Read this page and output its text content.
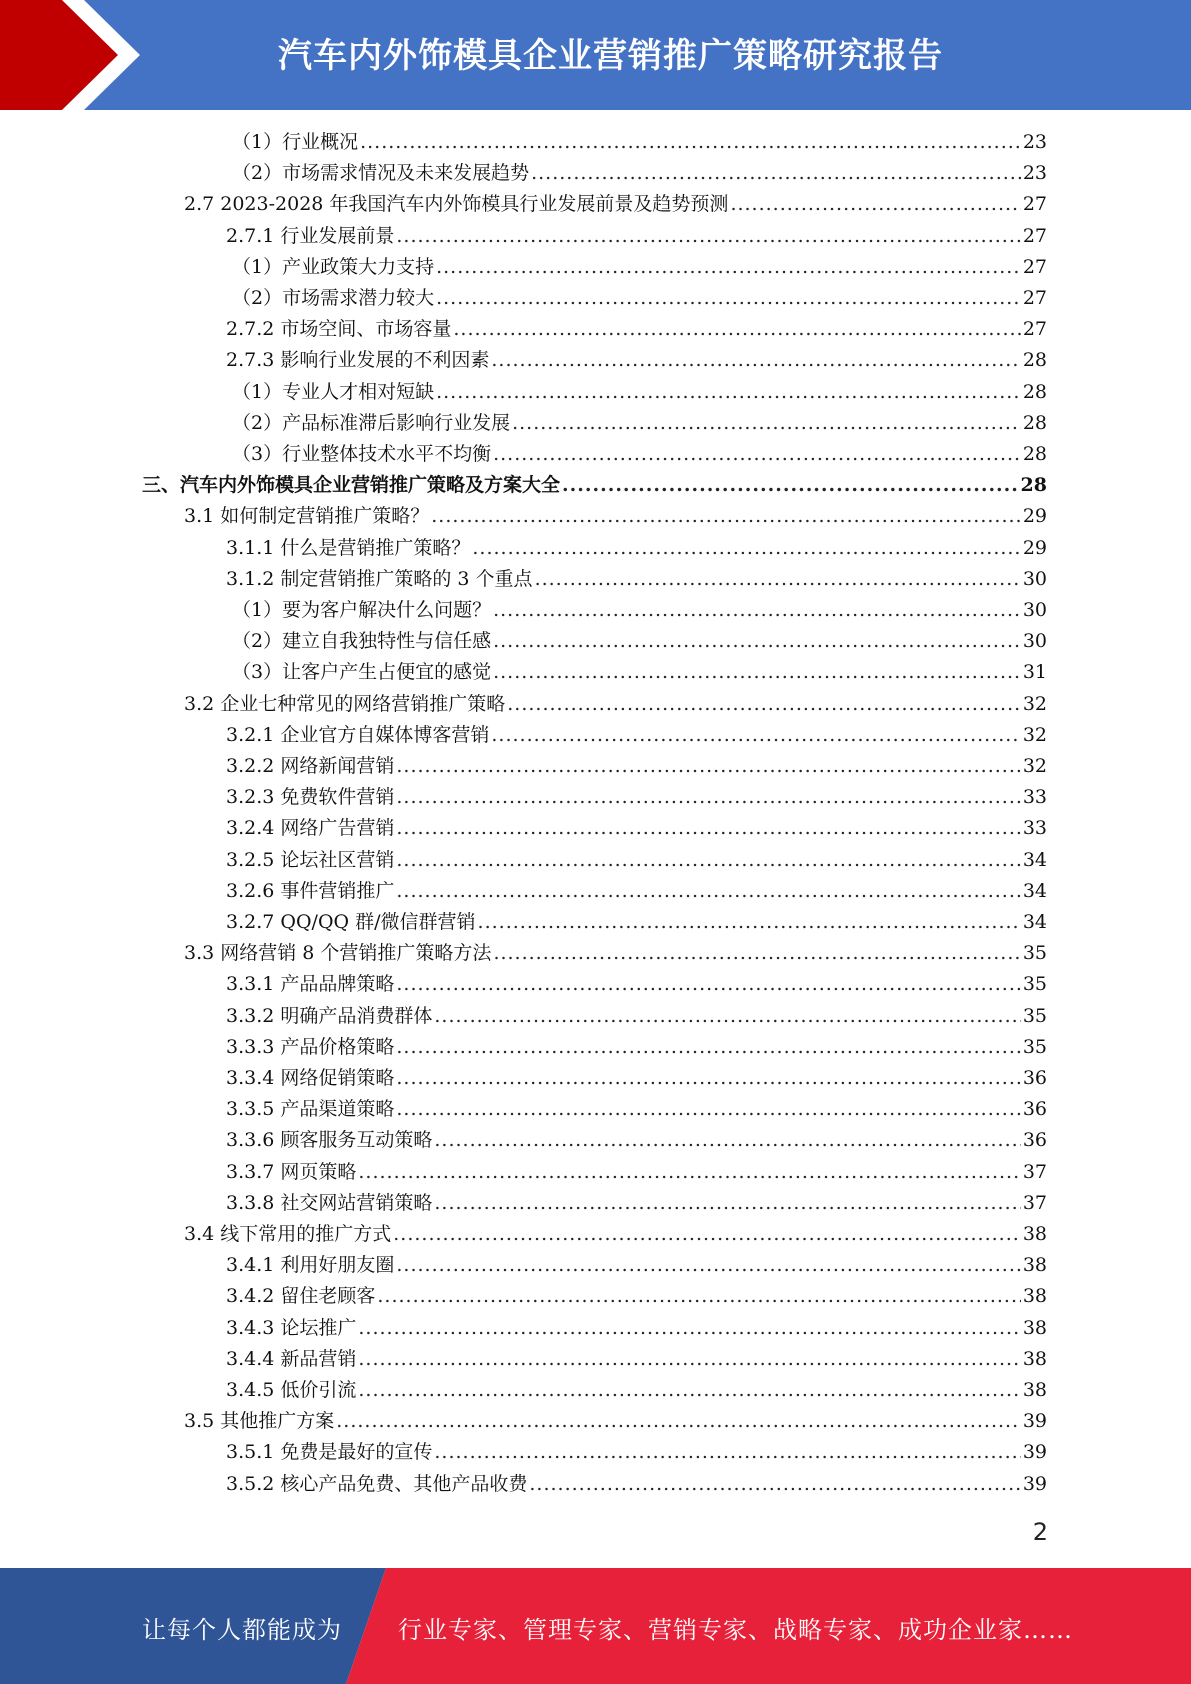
汽车内外饰模具企业营销推广策略研究报告
（1）行业概况 .....	23
（2）市场需求情况及未来发展趋势 .....	23
2.7 2023-2028 年我国汽车内外饰模具行业发展前景及趋势预测 .....	27
2.7.1 行业发展前景 .....	27
（1）产业政策大力支持 .....	27
（2）市场需求潜力较大 .....	27
2.7.2 市场空间、市场容量 .....	27
2.7.3 影响行业发展的不利因素 .....	28
（1）专业人才相对短缺 .....	28
（2）产品标准滞后影响行业发展 .....	28
（3）行业整体技术水平不均衡 .....	28
三、汽车内外饰模具企业营销推广策略及方案大全 .....	28
3.1 如何制定营销推广策略？ .....	29
3.1.1 什么是营销推广策略？ .....	29
3.1.2 制定营销推广策略的 3 个重点 .....	30
（1）要为客户解决什么问题？ .....	30
（2）建立自我独特性与信任感 .....	30
（3）让客户产生占便宜的感觉 .....	31
3.2 企业七种常见的网络营销推广策略 .....	32
3.2.1 企业官方自媒体博客营销 .....	32
3.2.2 网络新闻营销 .....	32
3.2.3 免费软件营销 .....	33
3.2.4 网络广告营销 .....	33
3.2.5 论坛社区营销 .....	34
3.2.6 事件营销推广 .....	34
3.2.7 QQ/QQ 群/微信群营销 .....	34
3.3 网络营销 8 个营销推广策略方法 .....	35
3.3.1 产品品牌策略 .....	35
3.3.2 明确产品消费群体 .....	35
3.3.3 产品价格策略 .....	35
3.3.4 网络促销策略 .....	36
3.3.5 产品渠道策略 .....	36
3.3.6 顾客服务互动策略 .....	36
3.3.7 网页策略 .....	37
3.3.8 社交网站营销策略 .....	37
3.4 线下常用的推广方式 .....	38
3.4.1 利用好朋友圈 .....	38
3.4.2 留住老顾客 .....	38
3.4.3 论坛推广 .....	38
3.4.4 新品营销 .....	38
3.4.5 低价引流 .....	38
3.5 其他推广方案 .....	39
3.5.1 免费是最好的宣传 .....	39
3.5.2 核心产品免费、其他产品收费 .....	39
2
让每个人都能成为 行业专家、管理专家、营销专家、战略专家、成功企业家……
